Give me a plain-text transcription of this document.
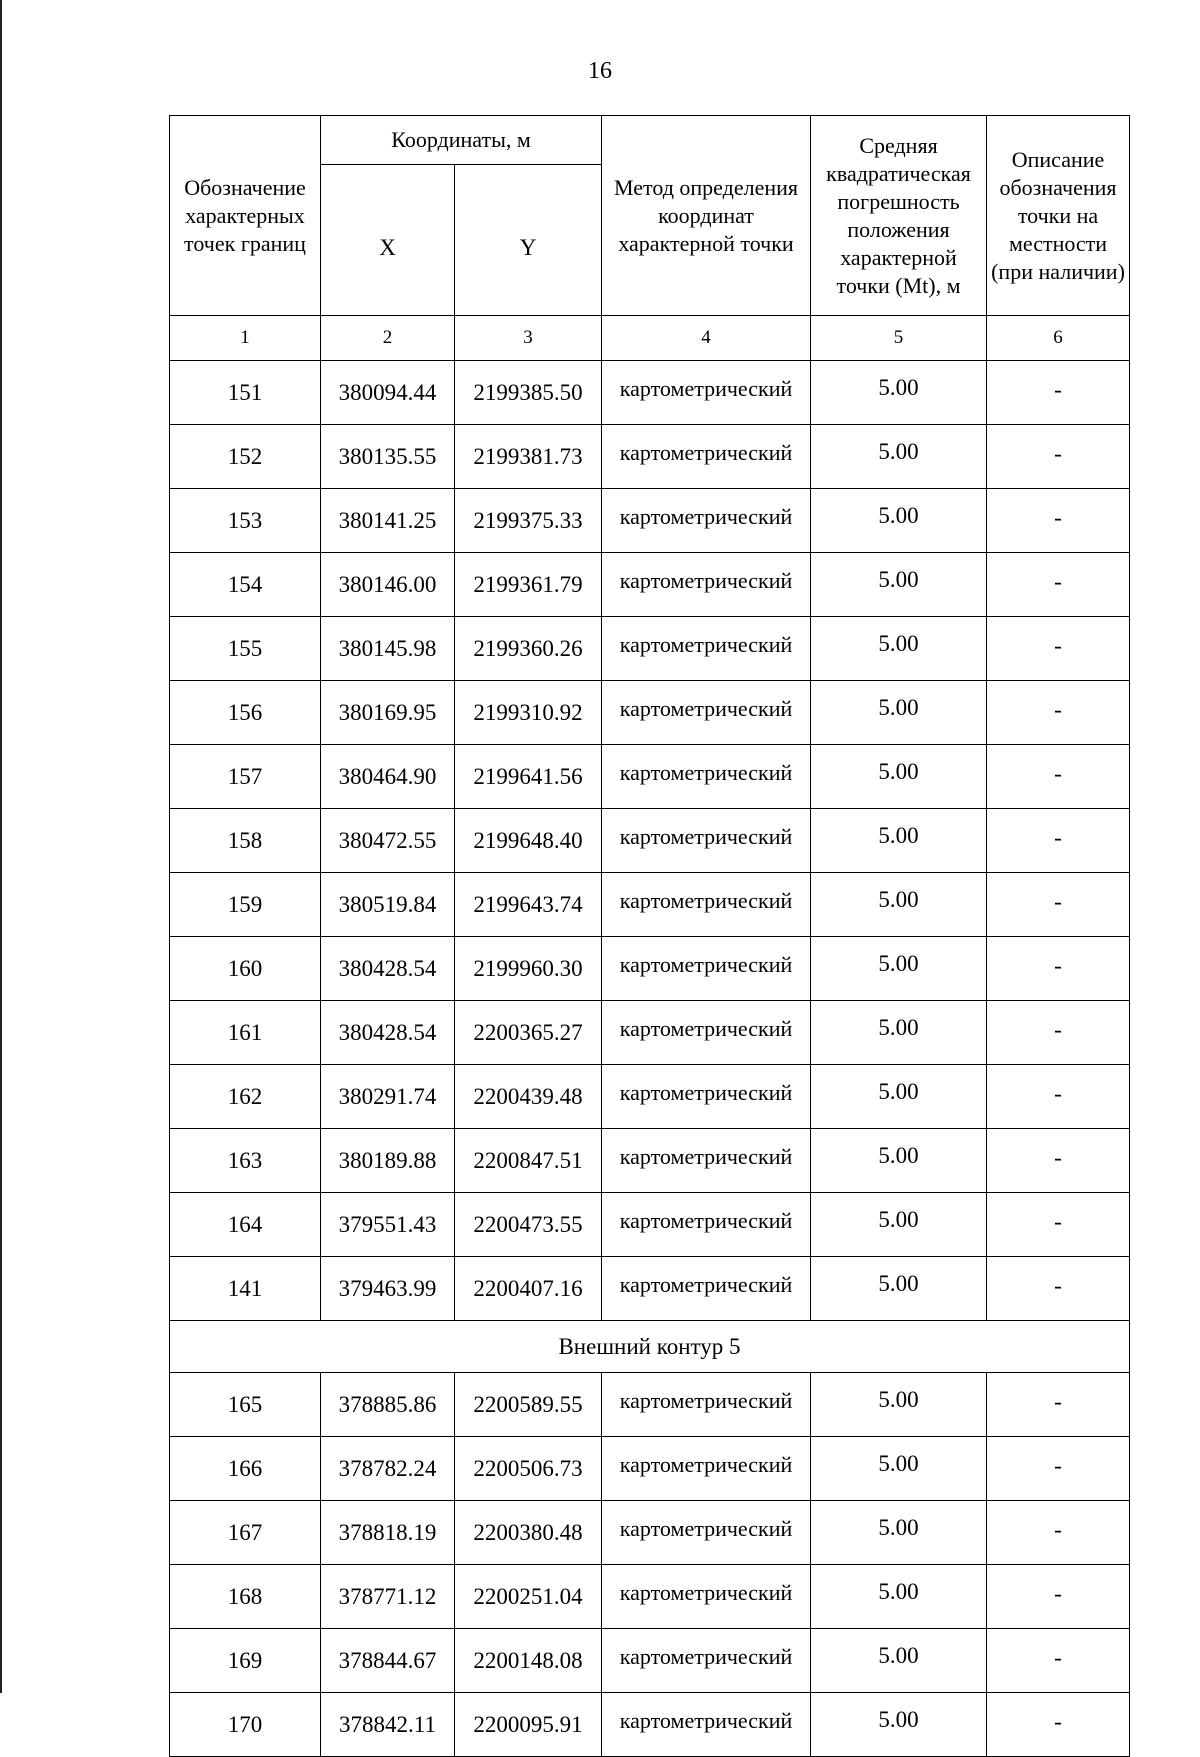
16
Обозначение характерных точек границ	Координаты, м		Метод определения координат характерной точки	Средняя квадратическая погрешность положения характерной точки (Mt), м	Описание обозначения точки на местности (при наличии)
	X	Y			
1	2	3	4	5	6
151	380094.44	2199385.50	картометрический	5.00	-
152	380135.55	2199381.73	картометрический	5.00	-
153	380141.25	2199375.33	картометрический	5.00	-
154	380146.00	2199361.79	картометрический	5.00	-
155	380145.98	2199360.26	картометрический	5.00	-
156	380169.95	2199310.92	картометрический	5.00	-
157	380464.90	2199641.56	картометрический	5.00	-
158	380472.55	2199648.40	картометрический	5.00	-
159	380519.84	2199643.74	картометрический	5.00	-
160	380428.54	2199960.30	картометрический	5.00	-
161	380428.54	2200365.27	картометрический	5.00	-
162	380291.74	2200439.48	картометрический	5.00	-
163	380189.88	2200847.51	картометрический	5.00	-
164	379551.43	2200473.55	картометрический	5.00	-
141	379463.99	2200407.16	картометрический	5.00	-
Внешний контур 5					
165	378885.86	2200589.55	картометрический	5.00	-
166	378782.24	2200506.73	картометрический	5.00	-
167	378818.19	2200380.48	картометрический	5.00	-
168	378771.12	2200251.04	картометрический	5.00	-
169	378844.67	2200148.08	картометрический	5.00	-
170	378842.11	2200095.91	картометрический	5.00	-
